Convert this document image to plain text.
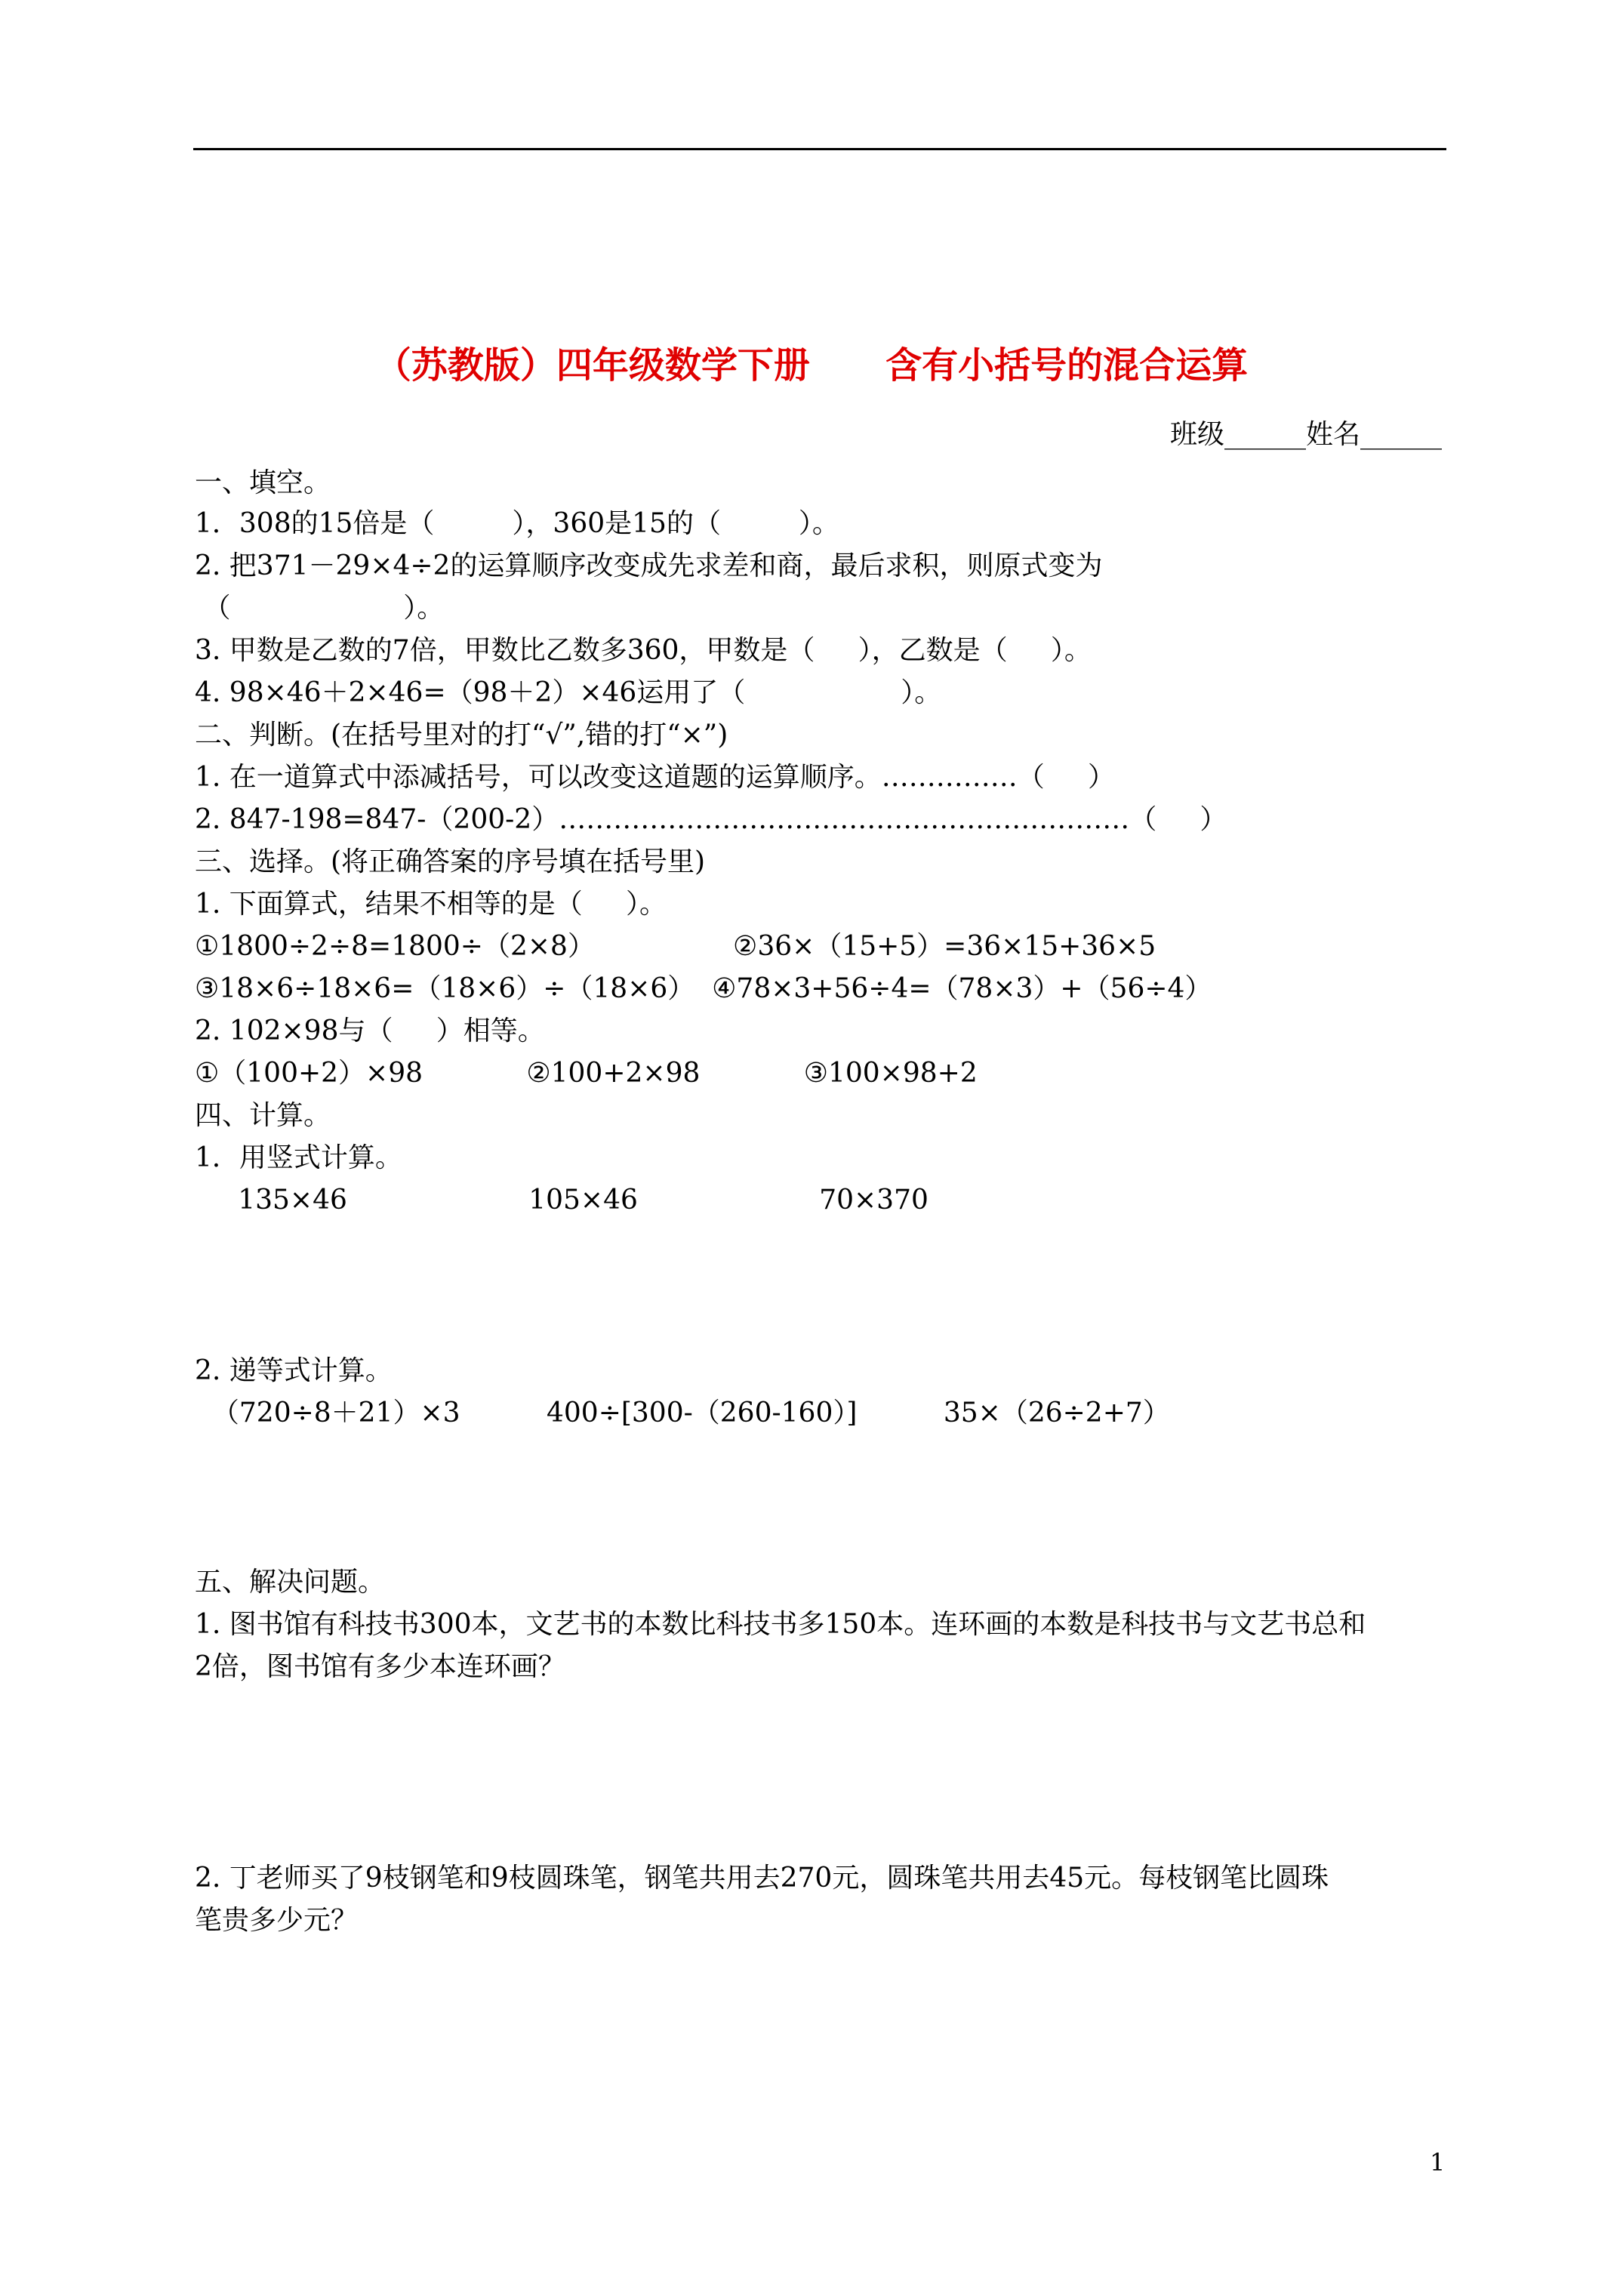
（苏教版）四年级数学下册      含有小括号的混合运算
班级______姓名______
一、填空。
1．308的15倍是（         ），360是15的（         ）。
2. 把371－29×4÷2的运算顺序改变成先求差和商，最后求积，则原式变为
（                    ）。
3. 甲数是乙数的7倍，甲数比乙数多360，甲数是（     ），乙数是（     ）。
4. 98×46＋2×46=（98＋2）×46运用了（                  ）。
二、判断。(在括号里对的打“√”,错的打“×”)
1. 在一道算式中添减括号，可以改变这道题的运算顺序。……………（     ）
2. 847-198=847-（200-2）………………………………………………………（     ）
三、选择。(将正确答案的序号填在括号里)
1. 下面算式，结果不相等的是（     ）。
①1800÷2÷8=1800÷（2×8）                ②36×（15+5）=36×15+36×5
③18×6÷18×6=（18×6）÷（18×6）  ④78×3+56÷4=（78×3）+（56÷4）
2. 102×98与（     ）相等。
①（100+2）×98            ②100+2×98            ③100×98+2
四、计算。
1．用竖式计算。
135×46                     105×46                     70×370
2. 递等式计算。
（720÷8＋21）×3          400÷[300-（260-160）]          35×（26÷2+7）
五、解决问题。
1. 图书馆有科技书300本，文艺书的本数比科技书多150本。连环画的本数是科技书与文艺书总和
2倍，图书馆有多少本连环画？
2. 丁老师买了9枝钢笔和9枝圆珠笔，钢笔共用去270元，圆珠笔共用去45元。每枝钢笔比圆珠
笔贵多少元？
1
